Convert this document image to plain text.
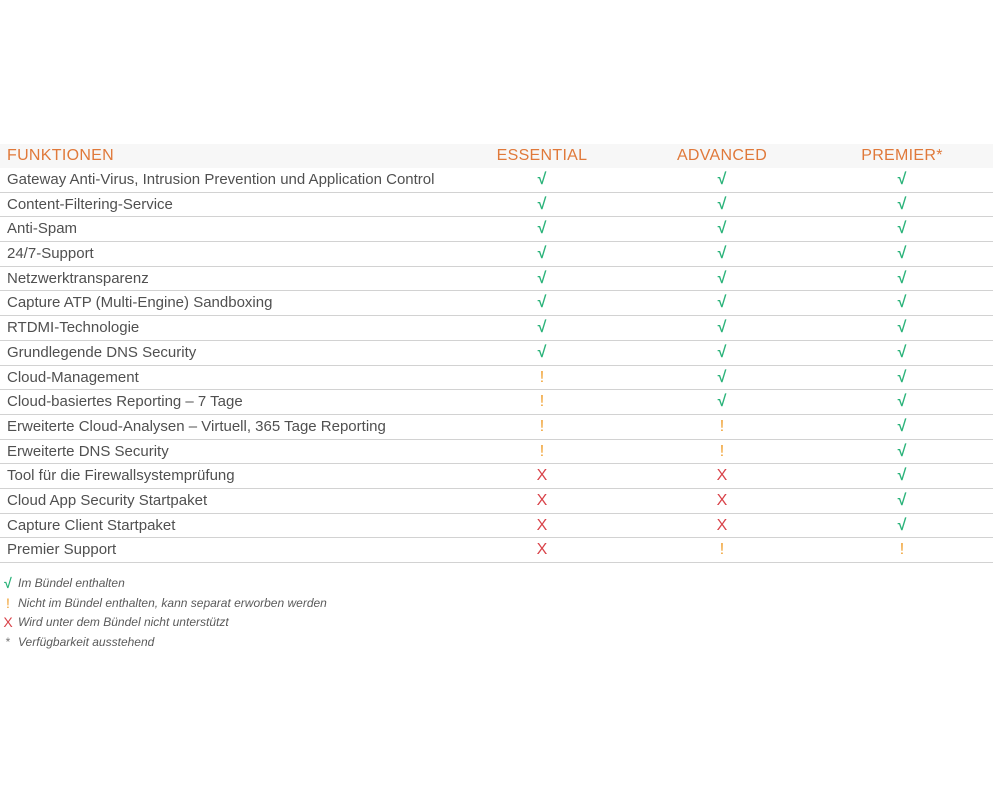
FUNKTIONEN	ESSENTIAL	ADVANCED	PREMIER*
Gateway Anti-Virus, Intrusion Prevention und Application Control	√	√	√
Content-Filtering-Service	√	√	√
Anti-Spam	√	√	√
24/7-Support	√	√	√
Netzwerktransparenz	√	√	√
Capture ATP (Multi-Engine) Sandboxing	√	√	√
RTDMI-Technologie	√	√	√
Grundlegende DNS Security	√	√	√
Cloud-Management	!	√	√
Cloud-basiertes Reporting – 7 Tage	!	√	√
Erweiterte Cloud-Analysen – Virtuell, 365 Tage Reporting	!	!	√
Erweiterte DNS Security	!	!	√
Tool für die Firewallsystemprüfung	X	X	√
Cloud App Security Startpaket	X	X	√
Capture Client Startpaket	X	X	√
Premier Support	X	!	!
√ Im Bündel enthalten
! Nicht im Bündel enthalten, kann separat erworben werden
X Wird unter dem Bündel nicht unterstützt
* Verfügbarkeit ausstehend
